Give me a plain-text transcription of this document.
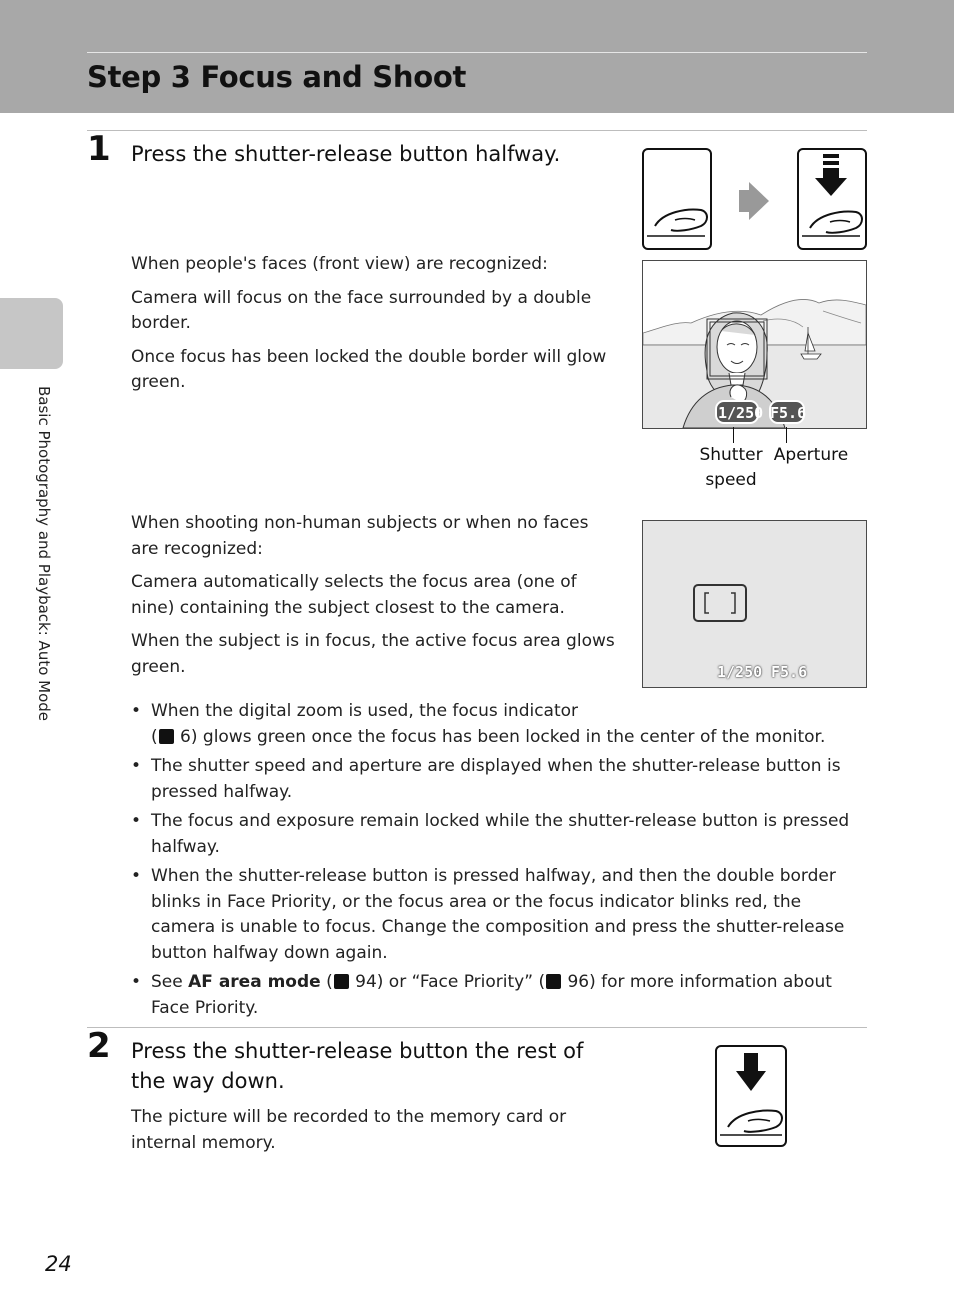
Step 3 Focus and Shoot
Basic Photography and Playback: Auto Mode
1 Press the shutter-release button halfway.

When people's faces (front view) are recognized:

Camera will focus on the face surrounded by a double border.

Once focus has been locked the double border will glow green.

1/250 F5.6
Shutter
speed
Aperture

When shooting non-human subjects or when no faces are recognized:

Camera automatically selects the focus area (one of nine) containing the subject closest to the camera.

When the subject is in focus, the active focus area glows green.	1/250 F5.6
• When the digital zoom is used, the focus indicator
( 6) glows green once the focus has been locked in the center of the monitor.
• The shutter speed and aperture are displayed when the shutter-release button is pressed halfway.
• The focus and exposure remain locked while the shutter-release button is pressed halfway.
• When the shutter-release button is pressed halfway, and then the double border blinks in Face Priority, or the focus area or the focus indicator blinks red, the camera is unable to focus. Change the composition and press the shutter-release button halfway down again.
• See AF area mode ( 94) or “Face Priority” ( 96) for more information about Face Priority.
2 Press the shutter-release button the rest of
the way down.
The picture will be recorded to the memory card or internal memory.
24
